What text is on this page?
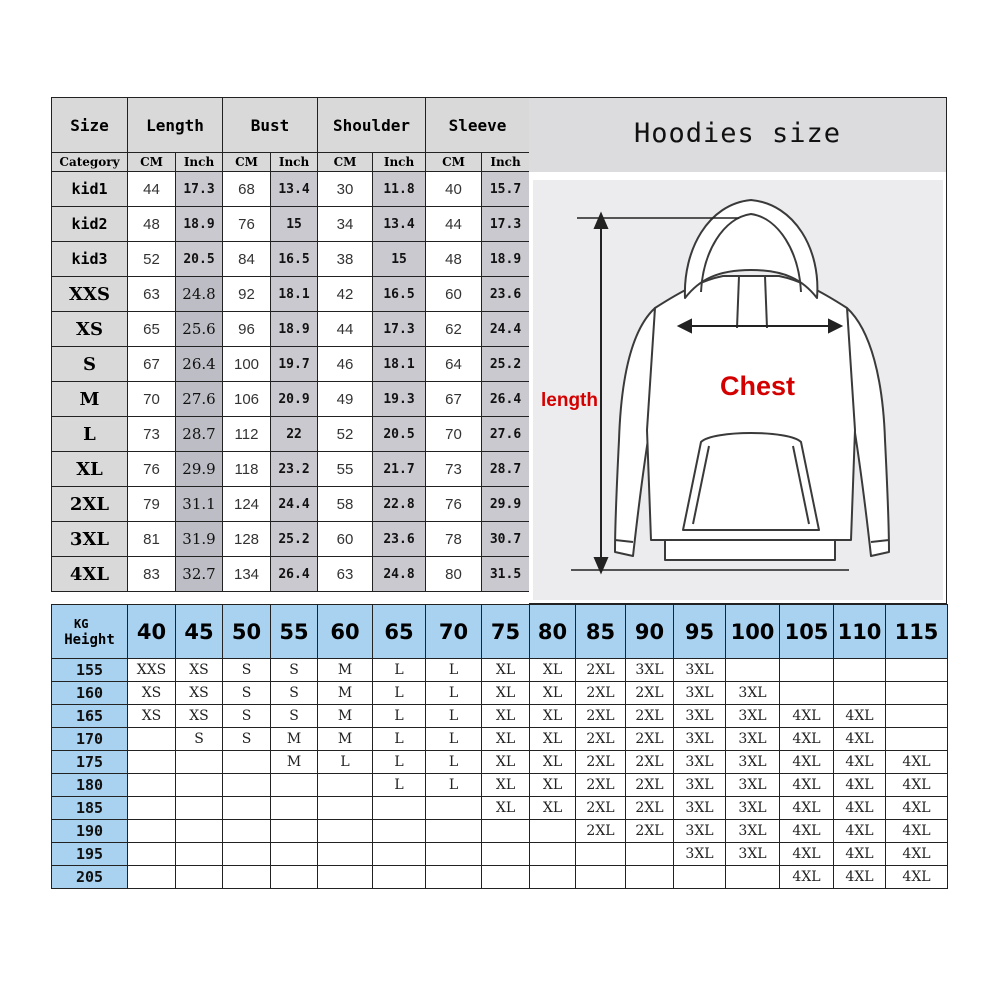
Size	Length		Bust		Shoulder		Sleeve	
Category	CM	Inch	CM	Inch	CM	Inch	CM	Inch
kid1	44	17.3	68	13.4	30	11.8	40	15.7
kid2	48	18.9	76	15	34	13.4	44	17.3
kid3	52	20.5	84	16.5	38	15	48	18.9
XXS	63	24.8	92	18.1	42	16.5	60	23.6
XS	65	25.6	96	18.9	44	17.3	62	24.4
S	67	26.4	100	19.7	46	18.1	64	25.2
M	70	27.6	106	20.9	49	19.3	67	26.4
L	73	28.7	112	22	52	20.5	70	27.6
XL	76	29.9	118	23.2	55	21.7	73	28.7
2XL	79	31.1	124	24.4	58	22.8	76	29.9
3XL	81	31.9	128	25.2	60	23.6	78	30.7
4XL	83	32.7	134	26.4	63	24.8	80	31.5
Hoodies size
length	Chest
KG
Height	40	45	50	55	60	65	70	75	80	85	90	95	100	105	110	115
155	XXS	XS	S	S	M	L	L	XL	XL	2XL	3XL	3XL				
160	XS	XS	S	S	M	L	L	XL	XL	2XL	2XL	3XL	3XL			
165	XS	XS	S	S	M	L	L	XL	XL	2XL	2XL	3XL	3XL	4XL	4XL	
170		S	S	M	M	L	L	XL	XL	2XL	2XL	3XL	3XL	4XL	4XL	
175				M	L	L	L	XL	XL	2XL	2XL	3XL	3XL	4XL	4XL	4XL
180						L	L	XL	XL	2XL	2XL	3XL	3XL	4XL	4XL	4XL
185								XL	XL	2XL	2XL	3XL	3XL	4XL	4XL	4XL
190										2XL	2XL	3XL	3XL	4XL	4XL	4XL
195												3XL	3XL	4XL	4XL	4XL
205														4XL	4XL	4XL
